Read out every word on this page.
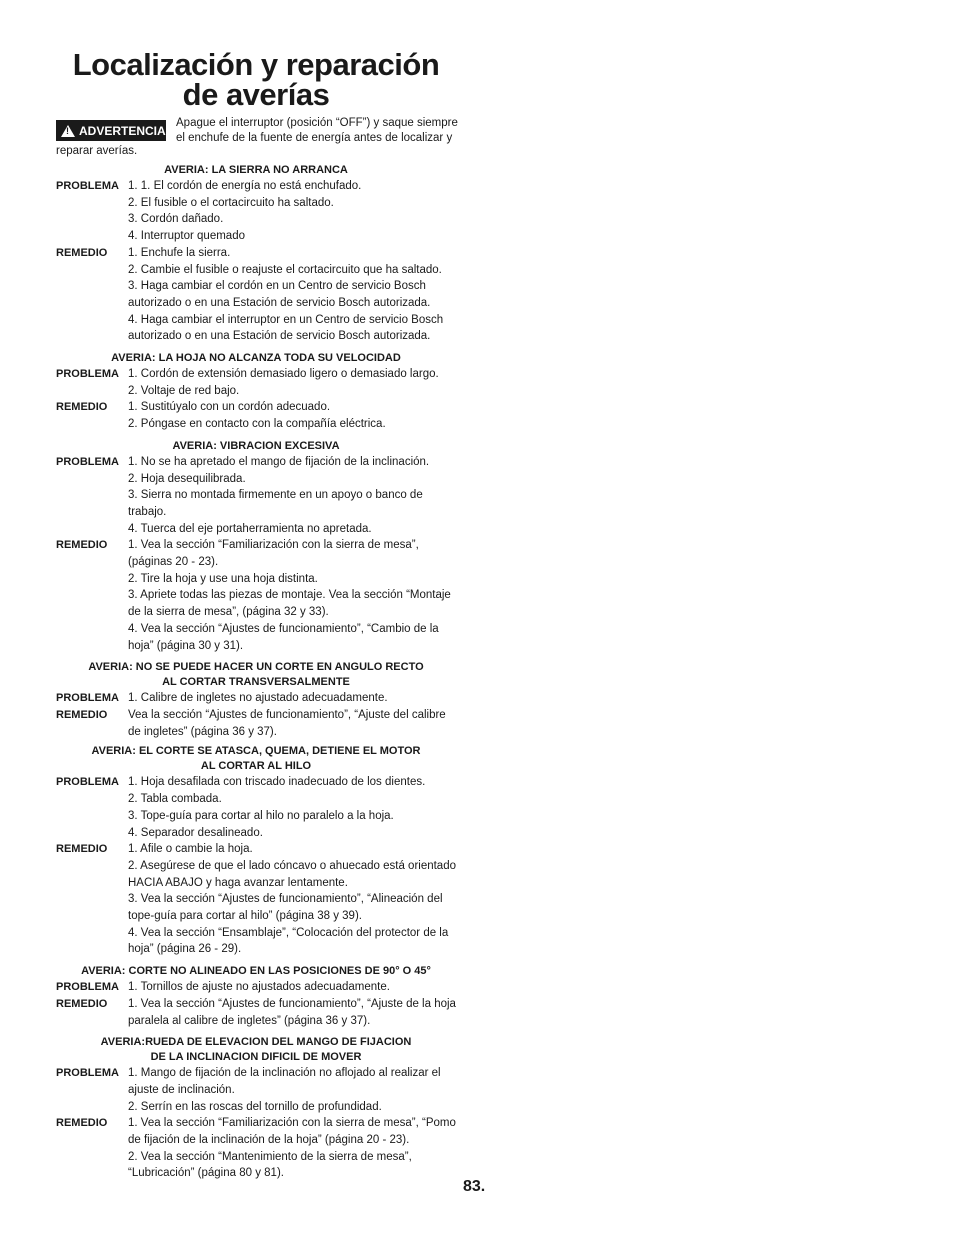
Localización y reparación
de averías
!
ADVERTENCIA
Apague el interruptor (posición “OFF”) y saque siempre el enchufe de la fuente de energía antes de localizar y
reparar averías.
AVERIA: LA SIERRA NO ARRANCA
PROBLEMA 1. 1. El cordón de energía no está enchufado.
2. El fusible o el cortacircuito ha saltado.
3. Cordón dañado.
4. Interruptor quemado
REMEDIO	1. Enchufe la sierra.
2. Cambie el fusible o reajuste el cortacircuito que ha saltado.
3. Haga cambiar el cordón en un Centro de servicio Bosch
autorizado o en una Estación de servicio Bosch autorizada.
4. Haga cambiar el interruptor en un Centro de servicio Bosch
autorizado o en una Estación de servicio Bosch autorizada.
AVERIA: LA HOJA NO ALCANZA TODA SU VELOCIDAD
PROBLEMA 1. Cordón de extensión demasiado ligero o demasiado largo.
2. Voltaje de red bajo.
REMEDIO	1. Sustitúyalo con un cordón adecuado.
2. Póngase en contacto con la compañía eléctrica.
AVERIA: VIBRACION EXCESIVA
PROBLEMA 1. No se ha apretado el mango de fijación de la inclinación.
2. Hoja desequilibrada.
3. Sierra no montada firmemente en un apoyo o banco de
trabajo.
4. Tuerca del eje portaherramienta no apretada.
REMEDIO	1. Vea la sección “Familiarización con la sierra de mesa”,
(páginas 20 - 23).
2. Tire la hoja y use una hoja distinta.
3. Apriete todas las piezas de montaje. Vea la sección “Montaje
de la sierra de mesa”, (página 32 y 33).
4. Vea la sección “Ajustes de funcionamiento”, “Cambio de la
hoja” (página 30 y 31).
AVERIA: NO SE PUEDE HACER UN CORTE EN ANGULO RECTO
AL CORTAR TRANSVERSALMENTE
PROBLEMA 1. Calibre de ingletes no ajustado adecuadamente.
REMEDIO	Vea la sección “Ajustes de funcionamiento”, “Ajuste del calibre
de ingletes” (página 36 y 37).
AVERIA: EL CORTE SE ATASCA, QUEMA, DETIENE EL MOTOR
AL CORTAR AL HILO
PROBLEMA 1. Hoja desafilada con triscado inadecuado de los dientes.
2. Tabla combada.
3. Tope-guía para cortar al hilo no paralelo a la hoja.
4. Separador desalineado.
REMEDIO	1. Afile o cambie la hoja.
2. Asegúrese de que el lado cóncavo o ahuecado está orientado
HACIA ABAJO y haga avanzar lentamente.
3. Vea la sección “Ajustes de funcionamiento”, “Alineación del
tope-guía para cortar al hilo” (página 38 y 39).
4. Vea la sección “Ensamblaje”, “Colocación del protector de la
hoja” (página 26 - 29).
AVERIA: CORTE NO ALINEADO EN LAS POSICIONES DE 90° O 45°
PROBLEMA 1. Tornillos de ajuste no ajustados adecuadamente.
REMEDIO	1. Vea la sección “Ajustes de funcionamiento”, “Ajuste de la hoja
paralela al calibre de ingletes” (página 36 y 37).
AVERIA:RUEDA DE ELEVACION DEL MANGO DE FIJACION
DE LA INCLINACION DIFICIL DE MOVER
PROBLEMA 1. Mango de fijación de la inclinación no aflojado al realizar el
ajuste de inclinación.
2. Serrín en las roscas del tornillo de profundidad.
REMEDIO	1. Vea la sección “Familiarización con la sierra de mesa”, “Pomo
de fijación de la inclinación de la hoja” (página 20 - 23).
2. Vea la sección “Mantenimiento de la sierra de mesa”,
“Lubricación” (página 80 y 81).
83.
